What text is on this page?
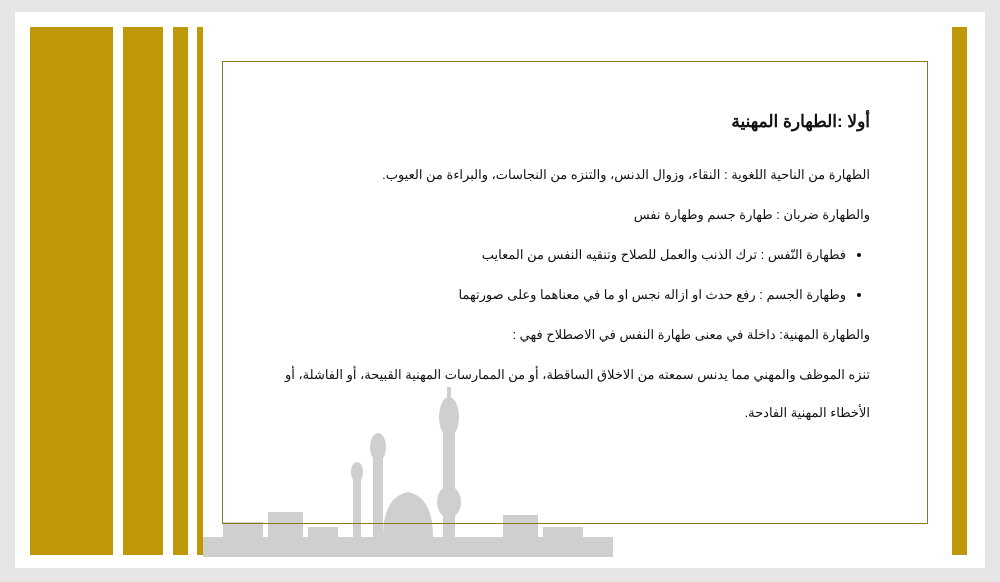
أولا :الطهارة المهنية

الطهارة من الناحية اللغوية : النقاء، وزوال الدنس، والتنزه من النجاسات، والبراءة من العيوب.

والطهارة ضربان : طهارة جسم وطهارة نفس

• فطهارة النّفس : ترك الذنب والعمل للصلاح وتنقيه النفس من المعايب
• وطهارة الجسم : رفع حدث او ازاله نجس او ما في معناهما وعلى صورتهما

والطهارة المهنية: داخلة في معنى طهارة النفس في الاصطلاح فهي :

تنزه الموظف والمهني مما يدنس سمعته من الاخلاق الساقطة، أو من الممارسات المهنية القبيحة، أو الفاشلة، أو الأخطاء المهنية الفادحة.
